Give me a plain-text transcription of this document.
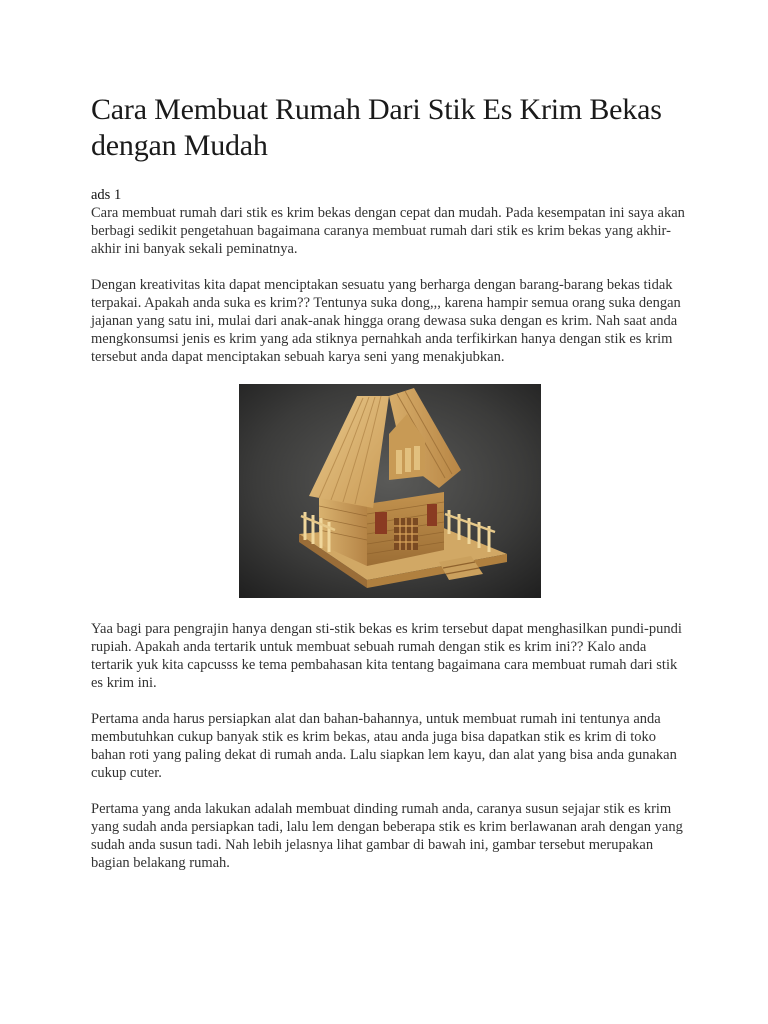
Cara Membuat Rumah Dari Stik Es Krim Bekas dengan Mudah
ads 1

Cara membuat rumah dari stik es krim bekas dengan cepat dan mudah. Pada kesempatan ini saya akan berbagi sedikit pengetahuan bagaimana caranya membuat rumah dari stik es krim bekas yang akhir-akhir ini banyak sekali peminatnya.

Dengan kreativitas kita dapat menciptakan sesuatu yang berharga dengan barang-barang bekas tidak terpakai. Apakah anda suka es krim?? Tentunya suka dong,,, karena hampir semua orang suka dengan jajanan yang satu ini, mulai dari anak-anak hingga orang dewasa suka dengan es krim. Nah saat anda mengkonsumsi jenis es krim yang ada stiknya pernahkah anda terfikirkan hanya dengan stik es krim tersebut anda dapat menciptakan sebuah karya seni yang menakjubkan.

Yaa bagi para pengrajin hanya dengan sti-stik bekas es krim tersebut dapat menghasilkan pundi-pundi rupiah. Apakah anda tertarik untuk membuat sebuah rumah dengan stik es krim ini?? Kalo anda tertarik yuk kita capcusss ke tema pembahasan kita tentang bagaimana cara membuat rumah dari stik es krim ini.

Pertama anda harus persiapkan alat dan bahan-bahannya, untuk membuat rumah ini tentunya anda membutuhkan cukup banyak stik es krim bekas, atau anda juga bisa dapatkan stik es krim di toko bahan roti yang paling dekat di rumah anda. Lalu siapkan lem kayu, dan alat yang bisa anda gunakan cukup cuter.

Pertama yang anda lakukan adalah membuat dinding rumah anda, caranya susun sejajar stik es krim yang sudah anda persiapkan tadi, lalu lem dengan beberapa stik es krim berlawanan arah dengan yang sudah anda susun tadi. Nah lebih jelasnya lihat gambar di bawah ini, gambar tersebut merupakan bagian belakang rumah.
